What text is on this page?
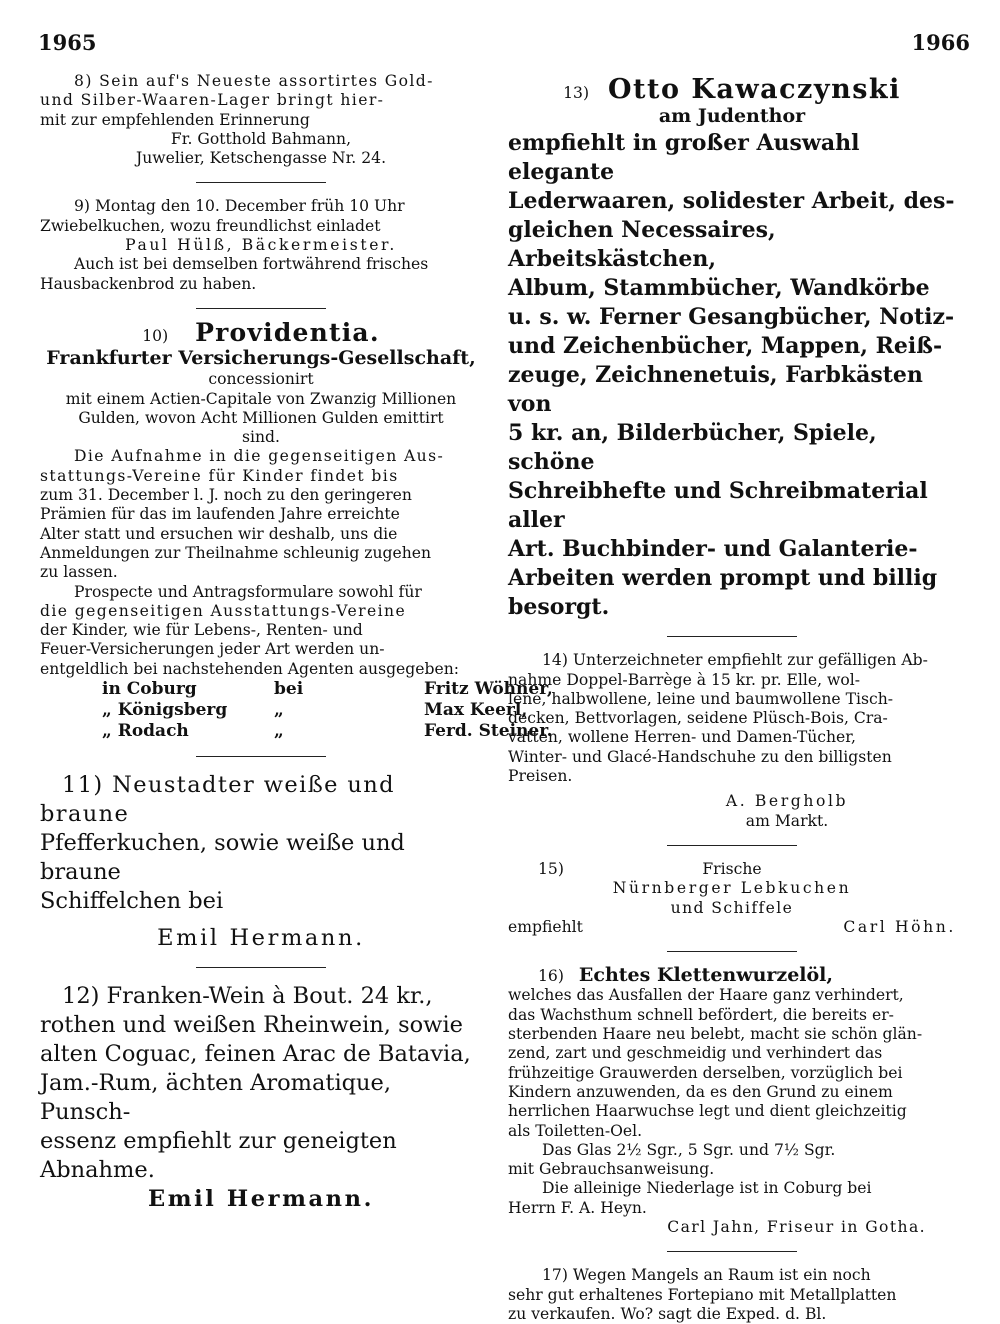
1965	1966

8) Sein auf's Neueste assortirtes Gold-

und Silber-Waaren-Lager bringt hier-

mit zur empfehlenden Erinnerung

Fr. Gotthold Bahmann,

Juwelier, Ketschengasse Nr. 24.

9) Montag den 10. December früh 10 Uhr

Zwiebelkuchen, wozu freundlichst einladet

Paul Hülß, Bäckermeister.

Auch ist bei demselben fortwährend frisches

Hausbackenbrod zu haben.

10) Providentia.

Frankfurter Versicherungs-Gesellschaft,

concessionirt

mit einem Actien-Capitale von Zwanzig Millionen

Gulden, wovon Acht Millionen Gulden emittirt

sind.

Die Aufnahme in die gegenseitigen Aus-

stattungs-Vereine für Kinder findet bis

zum 31. December l. J. noch zu den geringeren

Prämien für das im laufenden Jahre erreichte

Alter statt und ersuchen wir deshalb, uns die

Anmeldungen zur Theilnahme schleunig zugehen

zu lassen.

Prospecte und Antragsformulare sowohl für

die gegenseitigen Ausstattungs-Vereine

der Kinder, wie für Lebens-, Renten- und

Feuer-Versicherungen jeder Art werden un-

entgeldlich bei nachstehenden Agenten ausgegeben:

in Coburg	bei	Fritz Wöhner,
„ Königsberg	„	Max Keerl,
„ Rodach	„	Ferd. Steiner.

11) Neustadter weiße und braune

Pfefferkuchen, sowie weiße und braune

Schiffelchen bei

Emil Hermann.

12) Franken-Wein à Bout. 24 kr.,

rothen und weißen Rheinwein, sowie

alten Coguac, feinen Arac de Batavia,

Jam.-Rum, ächten Aromatique, Punsch-

essenz empfiehlt zur geneigten Abnahme.

Emil Hermann.

13) Otto Kawaczynski

am Judenthor

empfiehlt in großer Auswahl elegante

Lederwaaren, solidester Arbeit, des-

gleichen Necessaires, Arbeitskästchen,

Album, Stammbücher, Wandkörbe

u. s. w. Ferner Gesangbücher, Notiz-

und Zeichenbücher, Mappen, Reiß-

zeuge, Zeichnenetuis, Farbkästen von

5 kr. an, Bilderbücher, Spiele, schöne

Schreibhefte und Schreibmaterial aller

Art. Buchbinder- und Galanterie-

Arbeiten werden prompt und billig

besorgt.

14) Unterzeichneter empfiehlt zur gefälligen Ab-

nahme Doppel-Barrège à 15 kr. pr. Elle, wol-

lene, halbwollene, leine und baumwollene Tisch-

decken, Bettvorlagen, seidene Plüsch-Bois, Cra-

vatten, wollene Herren- und Damen-Tücher,

Winter- und Glacé-Handschuhe zu den billigsten

Preisen.

A. Bergholb

am Markt.

15)	Frische

Nürnberger Lebkuchen

und Schiffele

empfiehlt	Carl Höhn.

16) Echtes Klettenwurzelöl,

welches das Ausfallen der Haare ganz verhindert,

das Wachsthum schnell befördert, die bereits er-

sterbenden Haare neu belebt, macht sie schön glän-

zend, zart und geschmeidig und verhindert das

frühzeitige Grauwerden derselben, vorzüglich bei

Kindern anzuwenden, da es den Grund zu einem

herrlichen Haarwuchse legt und dient gleichzeitig

als Toiletten-Oel.

Das Glas 2½ Sgr., 5 Sgr. und 7½ Sgr.

mit Gebrauchsanweisung.

Die alleinige Niederlage ist in Coburg bei

Herrn F. A. Heyn.

Carl Jahn, Friseur in Gotha.

17) Wegen Mangels an Raum ist ein noch

sehr gut erhaltenes Fortepiano mit Metallplatten

zu verkaufen. Wo? sagt die Exped. d. Bl.
